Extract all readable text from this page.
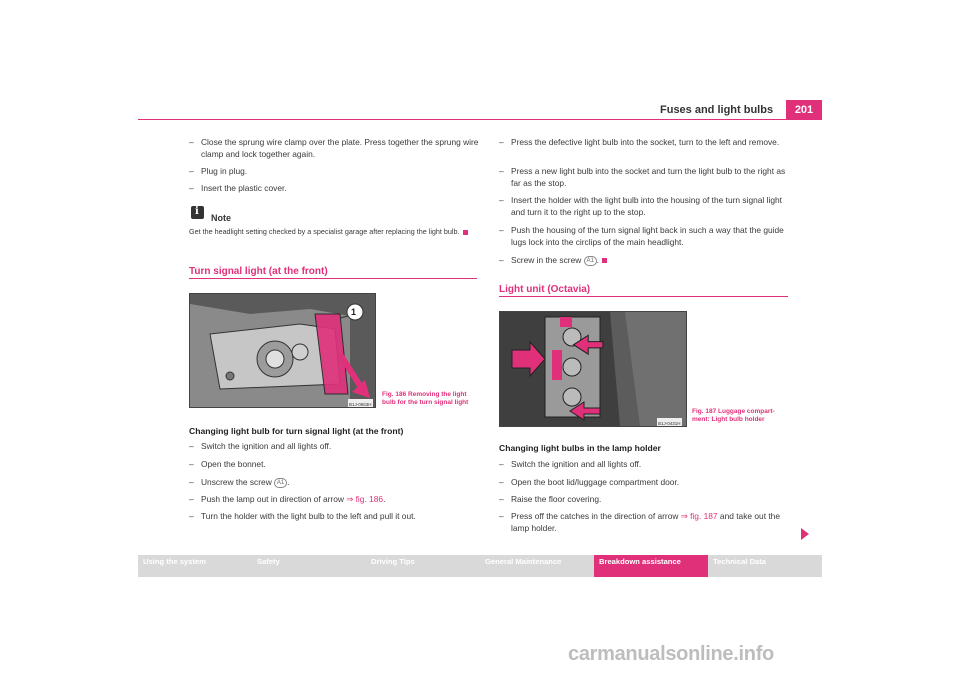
Fuses and light bulbs	201
– Close the sprung wire clamp over the plate. Press together the sprung wire clamp and lock together again.
– Plug in plug.
– Insert the plastic cover.
i
Note
Get the headlight setting checked by a specialist garage after replacing the light bulb.
Turn signal light (at the front)
1
B1J-0653H
Fig. 186 Removing the light bulb for the turn signal light
Changing light bulb for turn signal light (at the front)
– Switch the ignition and all lights off.
– Open the bonnet.
– Unscrew the screw A1 .
– Push the lamp out in direction of arrow ⇒ fig. 186.
– Turn the holder with the light bulb to the left and pull it out.
– Press the defective light bulb into the socket, turn to the left and remove.
– Press a new light bulb into the socket and turn the light bulb to the right as far as the stop.
– Insert the holder with the light bulb into the housing of the turn signal light and turn it to the right up to the stop.
– Push the housing of the turn signal light back in such a way that the guide lugs lock into the circlips of the main headlight.
– Screw in the screw A1 .
Light unit (Octavia)
B1J-0431H
Fig. 187 Luggage compart-ment: Light bulb holder
Changing light bulbs in the lamp holder
– Switch the ignition and all lights off.
– Open the boot lid/luggage compartment door.
– Raise the floor covering.
– Press off the catches in the direction of arrow ⇒ fig. 187 and take out the lamp holder.
Using the system	Safety	Driving Tips	General Maintenance	Breakdown assistance	Technical Data
carmanualsonline.info
